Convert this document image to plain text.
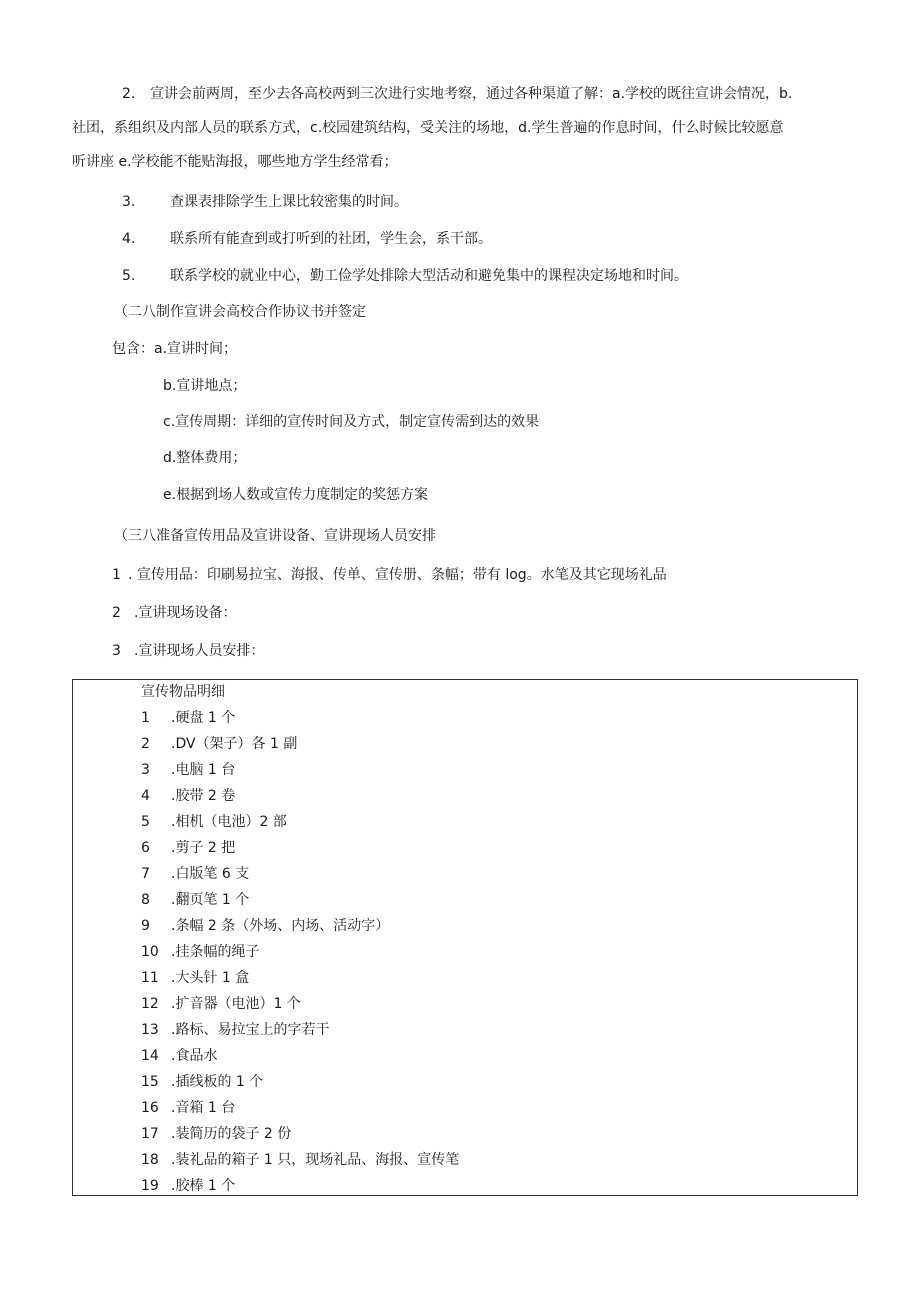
2. 宣讲会前两周，至少去各高校两到三次进行实地考察，通过各种渠道了解：a.学校的既往宣讲会情况，b.
社团，系组织及内部人员的联系方式，c.校园建筑结构，受关注的场地，d.学生普遍的作息时间，什么时候比较愿意
听讲座 e.学校能不能贴海报，哪些地方学生经常看；
3. 查课表排除学生上课比较密集的时间。
4. 联系所有能查到或打听到的社团，学生会，系干部。
5. 联系学校的就业中心，勤工俭学处排除大型活动和避免集中的课程决定场地和时间。
（二八制作宣讲会高校合作协议书并签定
包含：a.宣讲时间；
b.宣讲地点；
c.宣传周期：详细的宣传时间及方式，制定宣传需到达的效果
d.整体费用；
e.根据到场人数或宣传力度制定的奖惩方案
（三八准备宣传用品及宣讲设备、宣讲现场人员安排
1 . 宣传用品：印刷易拉宝、海报、传单、宣传册、条幅；带有 log。水笔及其它现场礼品
2 .宣讲现场设备：
3 .宣讲现场人员安排：
宣传物品明细
1 .硬盘 1 个
2 .DV（架子）各 1 副
3 .电脑 1 台
4 .胶带 2 卷
5 .相机（电池）2 部
6 .剪子 2 把
7 .白版笔 6 支
8 .翻页笔 1 个
9 .条幅 2 条（外场、内场、活动字）
10 .挂条幅的绳子
11 .大头针 1 盒
12 .扩音器（电池）1 个
13 .路标、易拉宝上的字若干
14 .食品水
15 .插线板的 1 个
16 .音箱 1 台
17 .装简历的袋子 2 份
18 .装礼品的箱子 1 只，现场礼品、海报、宣传笔
19 .胶棒 1 个
